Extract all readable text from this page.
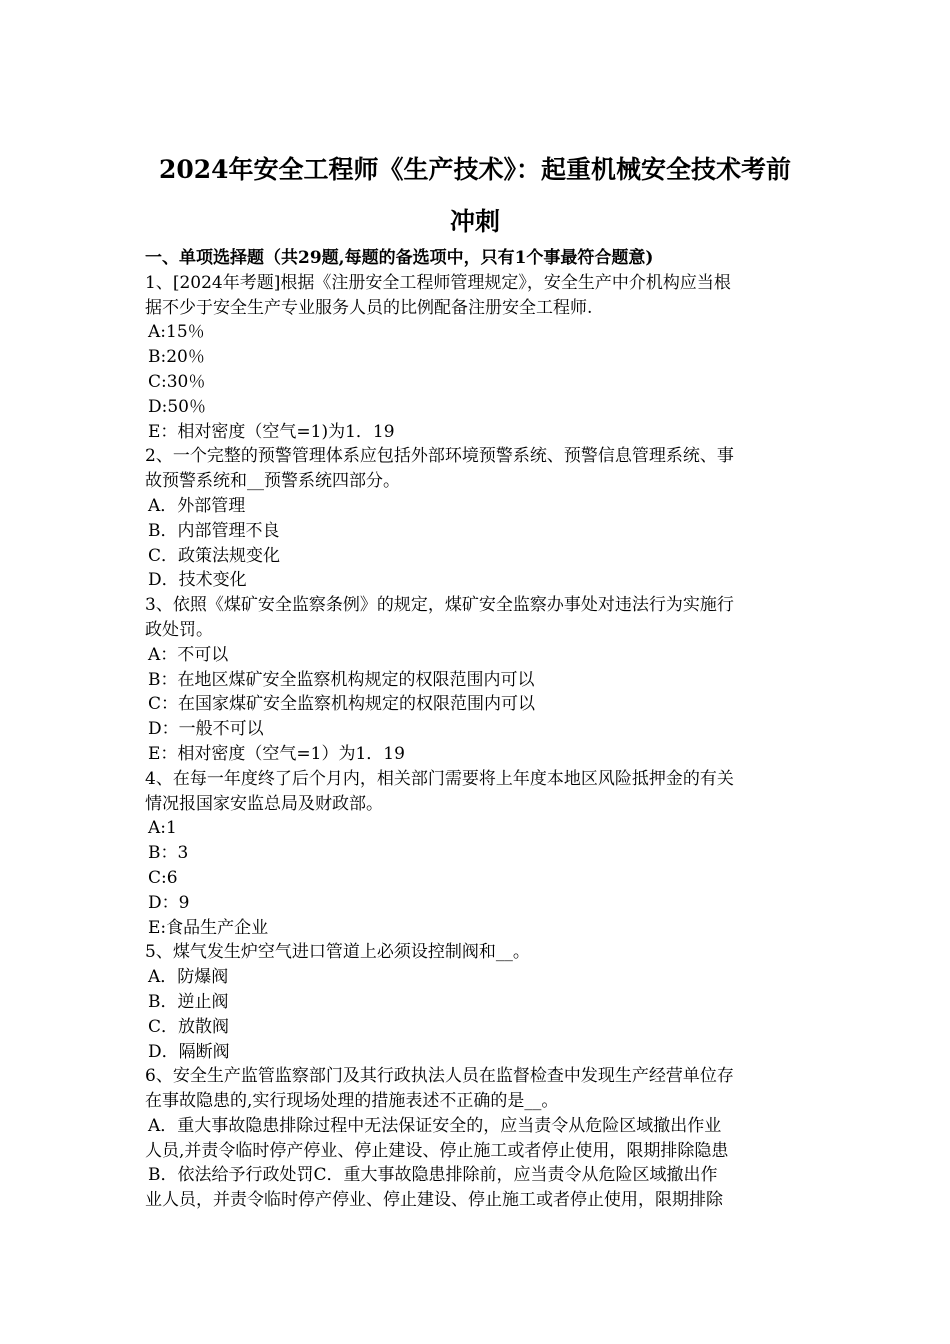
2024年安全工程师《生产技术》：起重机械安全技术考前
冲刺
一、单项选择题（共29题,每题的备选项中，只有1个事最符合题意)
1、[2024年考题]根据《注册安全工程师管理规定》，安全生产中介机构应当根
据不少于安全生产专业服务人员的比例配备注册安全工程师.
A:15％
B:20％
C:30％
D:50％
E：相对密度（空气=1)为1．19
2、一个完整的预警管理体系应包括外部环境预警系统、预警信息管理系统、事
故预警系统和__预警系统四部分。
A．外部管理
B．内部管理不良
C．政策法规变化
D．技术变化
3、依照《煤矿安全监察条例》的规定，煤矿安全监察办事处对违法行为实施行
政处罚。
A：不可以
B：在地区煤矿安全监察机构规定的权限范围内可以
C：在国家煤矿安全监察机构规定的权限范围内可以
D：一般不可以
E：相对密度（空气=1）为1．19
4、在每一年度终了后个月内，相关部门需要将上年度本地区风险抵押金的有关
情况报国家安监总局及财政部。
A:1
B：3
C:6
D：9
E:食品生产企业
5、煤气发生炉空气进口管道上必须设控制阀和__。
A．防爆阀
B．逆止阀
C．放散阀
D．隔断阀
6、安全生产监管监察部门及其行政执法人员在监督检查中发现生产经营单位存
在事故隐患的,实行现场处理的措施表述不正确的是__。
A．重大事故隐患排除过程中无法保证安全的，应当责令从危险区域撤出作业
人员,并责令临时停产停业、停止建设、停止施工或者停止使用，限期排除隐患
B．依法给予行政处罚C．重大事故隐患排除前，应当责令从危险区域撤出作
业人员，并责令临时停产停业、停止建设、停止施工或者停止使用，限期排除
